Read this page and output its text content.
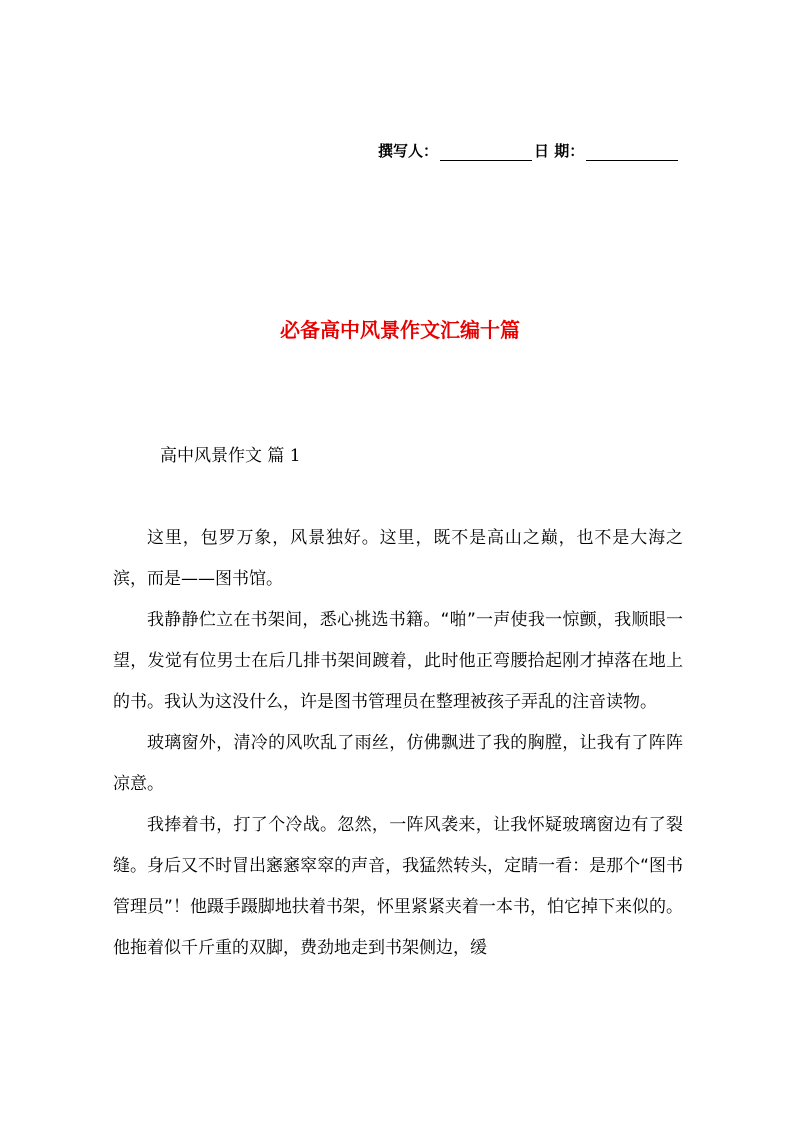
撰写人：	日 期：
必备高中风景作文汇编十篇
高中风景作文 篇 1

这里，包罗万象，风景独好。这里，既不是高山之巅，也不是大海之滨，而是——图书馆。

我静静伫立在书架间，悉心挑选书籍。“啪”一声使我一惊颤，我顺眼一望，发觉有位男士在后几排书架间踱着，此时他正弯腰拾起刚才掉落在地上的书。我认为这没什么，许是图书管理员在整理被孩子弄乱的注音读物。

玻璃窗外，清冷的风吹乱了雨丝，仿佛飘进了我的胸膛，让我有了阵阵凉意。

我捧着书，打了个冷战。忽然，一阵风袭来，让我怀疑玻璃窗边有了裂缝。身后又不时冒出窸窸窣窣的声音，我猛然转头，定睛一看：是那个“图书管理员”！他蹑手蹑脚地扶着书架，怀里紧紧夹着一本书，怕它掉下来似的。他拖着似千斤重的双脚，费劲地走到书架侧边，缓
